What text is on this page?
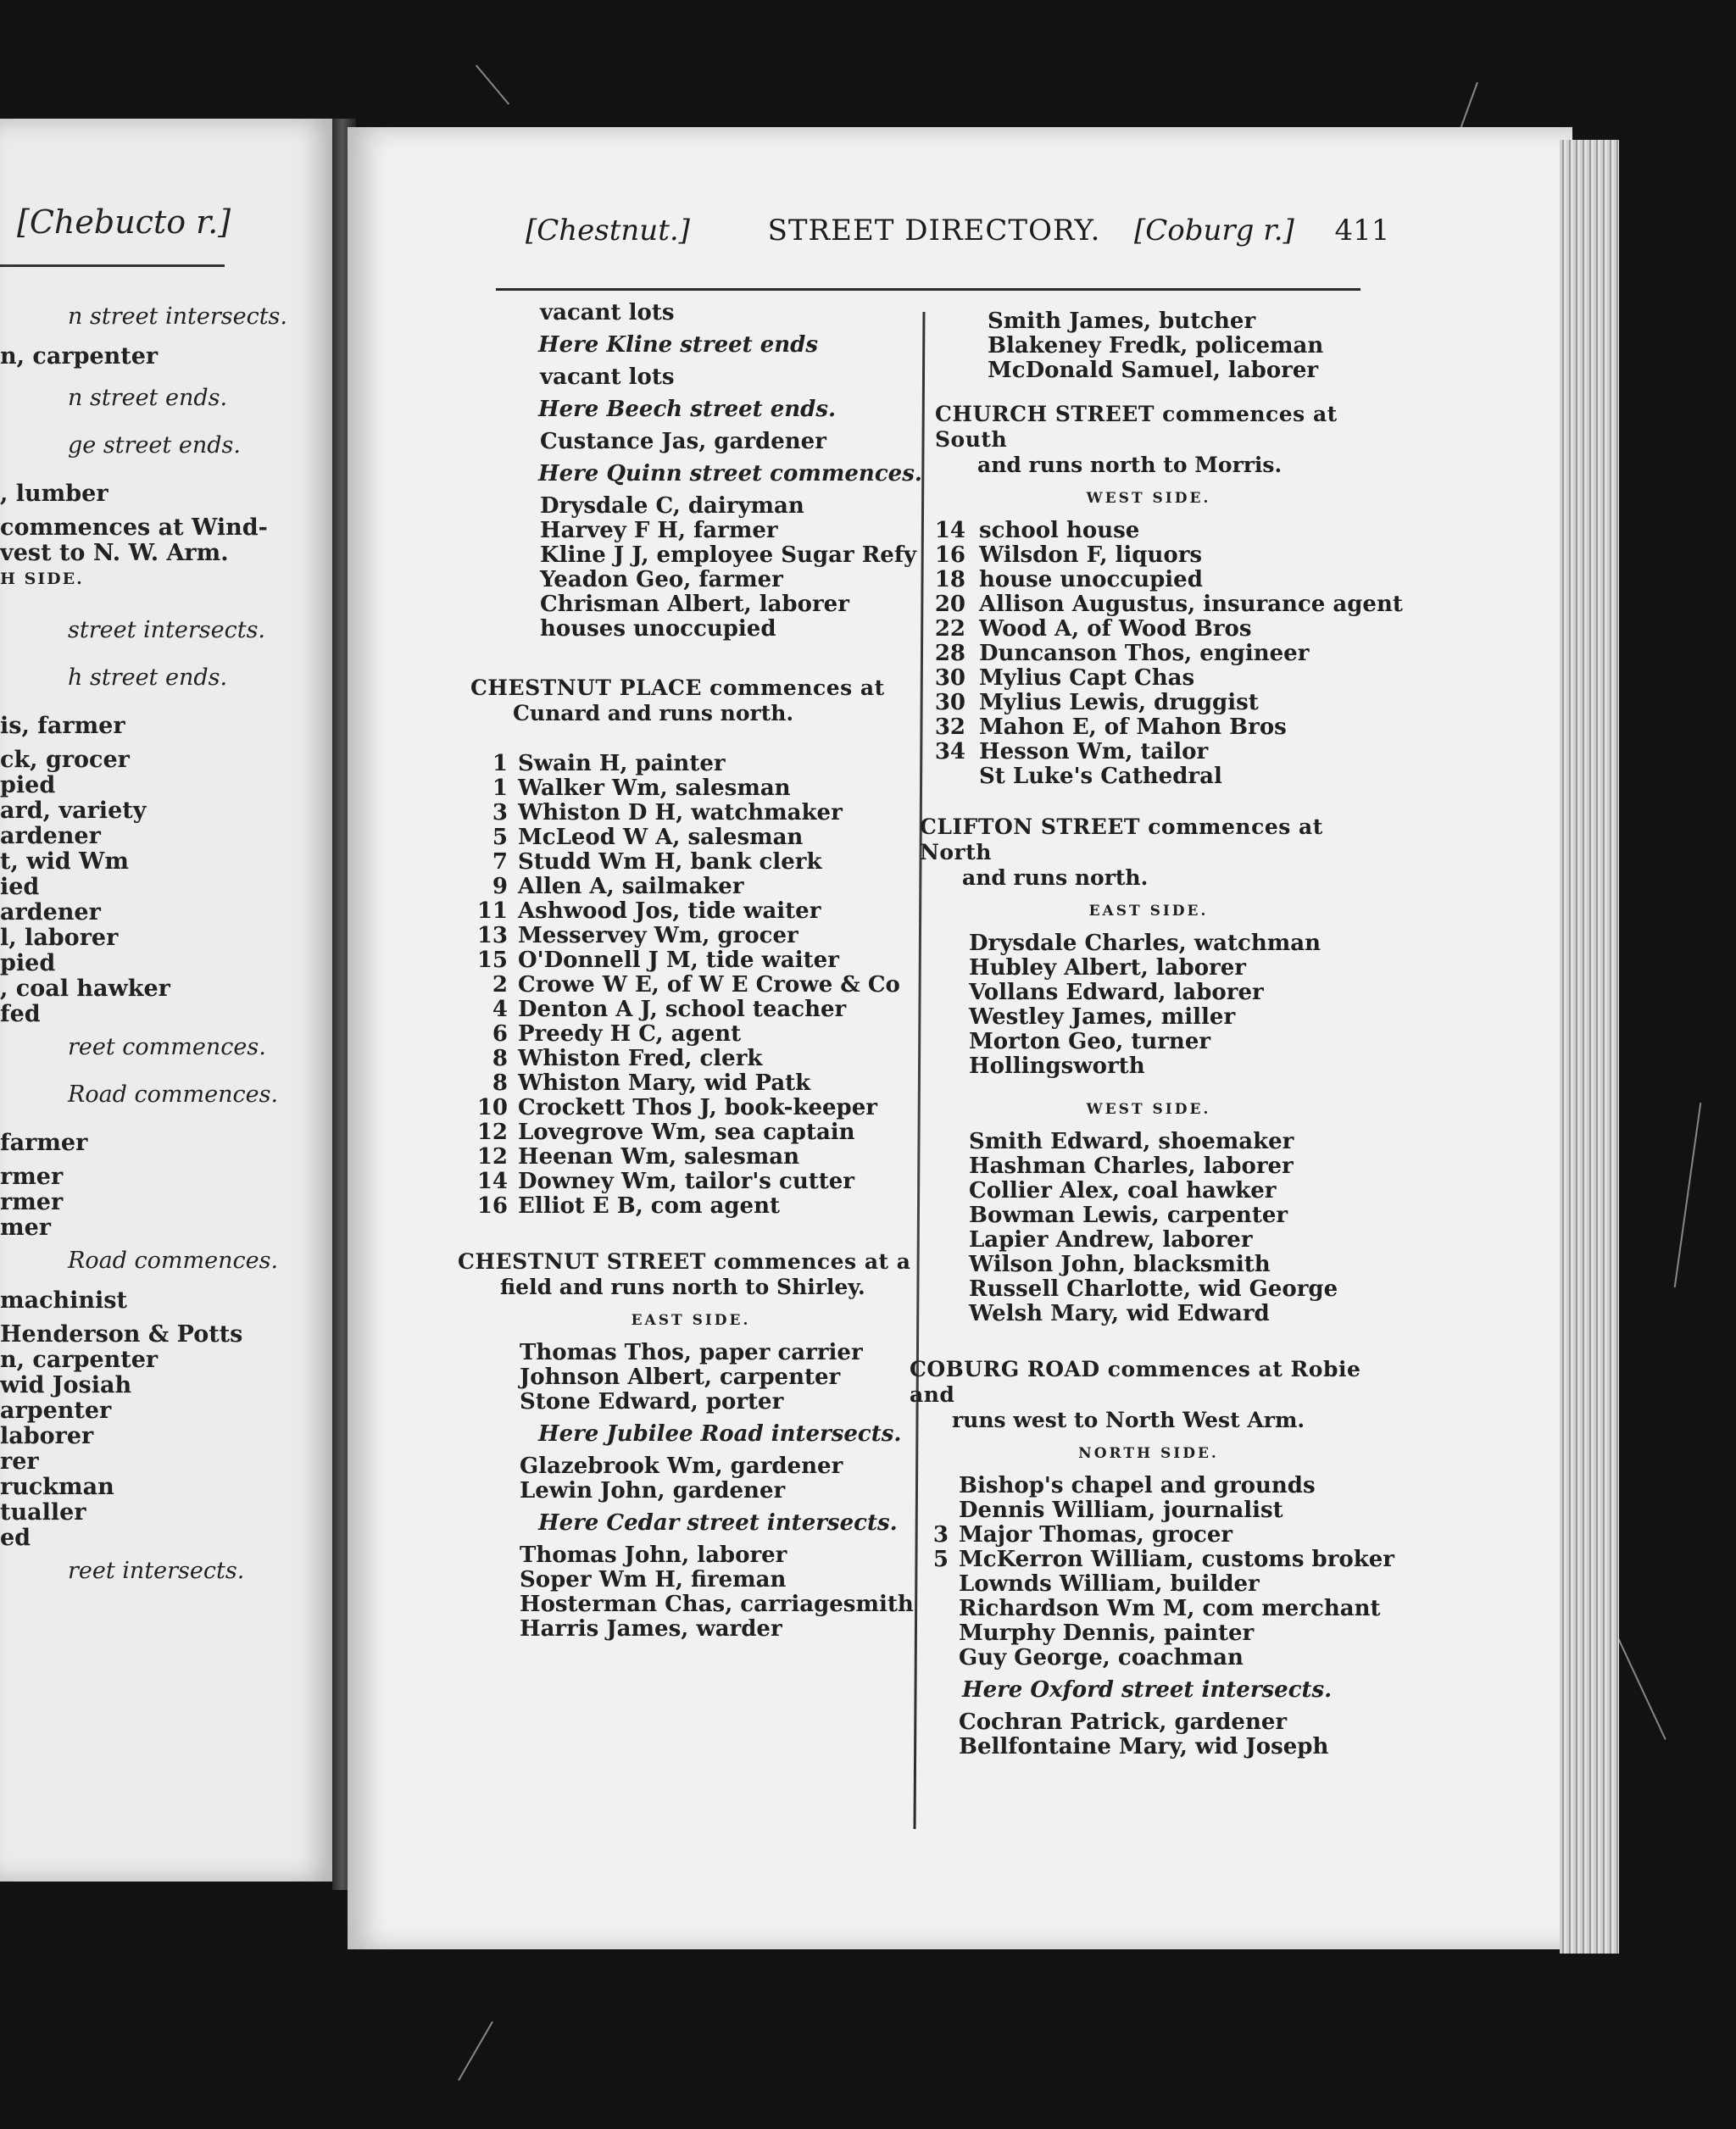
[Chebucto r.]
n street intersects.
n, carpenter
n street ends.
ge street ends.
, lumber
commences at Wind-
vest to N. W. Arm.
H SIDE.
street intersects.
h street ends.
is, farmer
ck, grocer
pied
ard, variety
ardener
t, wid Wm
ied
ardener
l, laborer
pied
, coal hawker
fed
reet commences.
Road commences.
farmer
rmer
rmer
mer
Road commences.
machinist
Henderson & Potts
n, carpenter
wid Josiah
arpenter
laborer
rer
ruckman
tualler
ed
reet intersects.
[Chestnut.]	STREET DIRECTORY. [Coburg r.] 411
vacant lots
Here Kline street ends
vacant lots
Here Beech street ends.
Custance Jas, gardener
Here Quinn street commences.
Drysdale C, dairyman
Harvey F H, farmer
Kline J J, employee Sugar Refy
Yeadon Geo, farmer
Chrisman Albert, laborer
houses unoccupied
CHESTNUT PLACE commences at
Cunard and runs north.
1 Swain H, painter
1 Walker Wm, salesman
3 Whiston D H, watchmaker
5 McLeod W A, salesman
7 Studd Wm H, bank clerk
9 Allen A, sailmaker
11 Ashwood Jos, tide waiter
13 Messervey Wm, grocer
15 O'Donnell J M, tide waiter
2 Crowe W E, of W E Crowe & Co
4 Denton A J, school teacher
6 Preedy H C, agent
8 Whiston Fred, clerk
8 Whiston Mary, wid Patk
10 Crockett Thos J, book-keeper
12 Lovegrove Wm, sea captain
12 Heenan Wm, salesman
14 Downey Wm, tailor's cutter
16 Elliot E B, com agent
CHESTNUT STREET commences at a
field and runs north to Shirley.
EAST SIDE.
Thomas Thos, paper carrier
Johnson Albert, carpenter
Stone Edward, porter
Here Jubilee Road intersects.
Glazebrook Wm, gardener
Lewin John, gardener
Here Cedar street intersects.
Thomas John, laborer
Soper Wm H, fireman
Hosterman Chas, carriagesmith
Harris James, warder
Smith James, butcher
Blakeney Fredk, policeman
McDonald Samuel, laborer
CHURCH STREET commences at South
and runs north to Morris.
WEST SIDE.
14 school house
16 Wilsdon F, liquors
18 house unoccupied
20 Allison Augustus, insurance agent
22 Wood A, of Wood Bros
28 Duncanson Thos, engineer
30 Mylius Capt Chas
30 Mylius Lewis, druggist
32 Mahon E, of Mahon Bros
34 Hesson Wm, tailor
St Luke's Cathedral
CLIFTON STREET commences at North
and runs north.
EAST SIDE.
Drysdale Charles, watchman
Hubley Albert, laborer
Vollans Edward, laborer
Westley James, miller
Morton Geo, turner
Hollingsworth
WEST SIDE.
Smith Edward, shoemaker
Hashman Charles, laborer
Collier Alex, coal hawker
Bowman Lewis, carpenter
Lapier Andrew, laborer
Wilson John, blacksmith
Russell Charlotte, wid George
Welsh Mary, wid Edward
COBURG ROAD commences at Robie and
runs west to North West Arm.
NORTH SIDE.
Bishop's chapel and grounds
Dennis William, journalist
3 Major Thomas, grocer
5 McKerron William, customs broker
Lownds William, builder
Richardson Wm M, com merchant
Murphy Dennis, painter
Guy George, coachman
Here Oxford street intersects.
Cochran Patrick, gardener
Bellfontaine Mary, wid Joseph
